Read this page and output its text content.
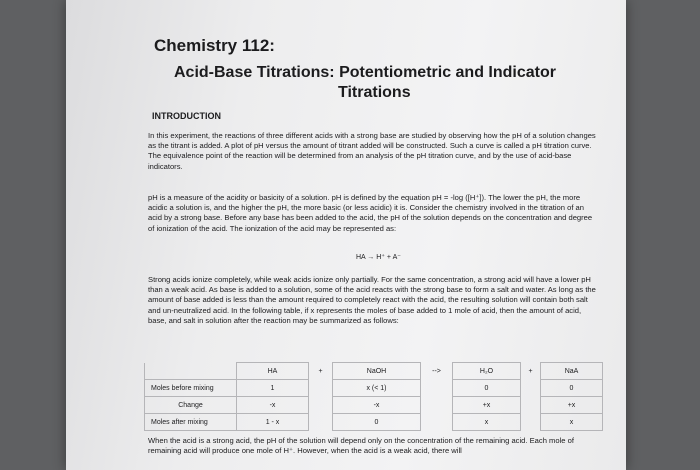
Chemistry 112:
Acid-Base Titrations: Potentiometric and Indicator
Titrations
INTRODUCTION

In this experiment, the reactions of three different acids with a strong base are studied by observing how the pH of a solution changes as the titrant is added. A plot of pH versus the amount of titrant added will be constructed. Such a curve is called a pH titration curve. The equivalence point of the reaction will be determined from an analysis of the pH titration curve, and by the use of acid-base indicators.

pH is a measure of the acidity or basicity of a solution. pH is defined by the equation pH = -log ([H⁺]). The lower the pH, the more acidic a solution is, and the higher the pH, the more basic (or less acidic) it is. Consider the chemistry involved in the titration of an acid by a strong base. Before any base has been added to the acid, the pH of the solution depends on the concentration and degree of ionization of the acid. The ionization of the acid may be represented as:

HA → H⁺ + A⁻

Strong acids ionize completely, while weak acids ionize only partially. For the same concentration, a strong acid will have a lower pH than a weak acid. As base is added to a solution, some of the acid reacts with the strong base to form a salt and water. As long as the amount of base added is less than the amount required to completely react with the acid, the resulting solution will contain both salt and un-neutralized acid. In the following table, if x represents the moles of base added to 1 mole of acid, then the amount of acid, base, and salt in solution after the reaction may be summarized as follows:

	HA	+	NaOH	-->	H₂O	+	NaA
Moles before mixing	1		x (< 1)		0		0
Change	-x		-x		+x		+x
Moles after mixing	1 - x		0		x		x

When the acid is a strong acid, the pH of the solution will depend only on the concentration of the remaining acid. Each mole of remaining acid will produce one mole of H⁺. However, when the acid is a weak acid, there will
